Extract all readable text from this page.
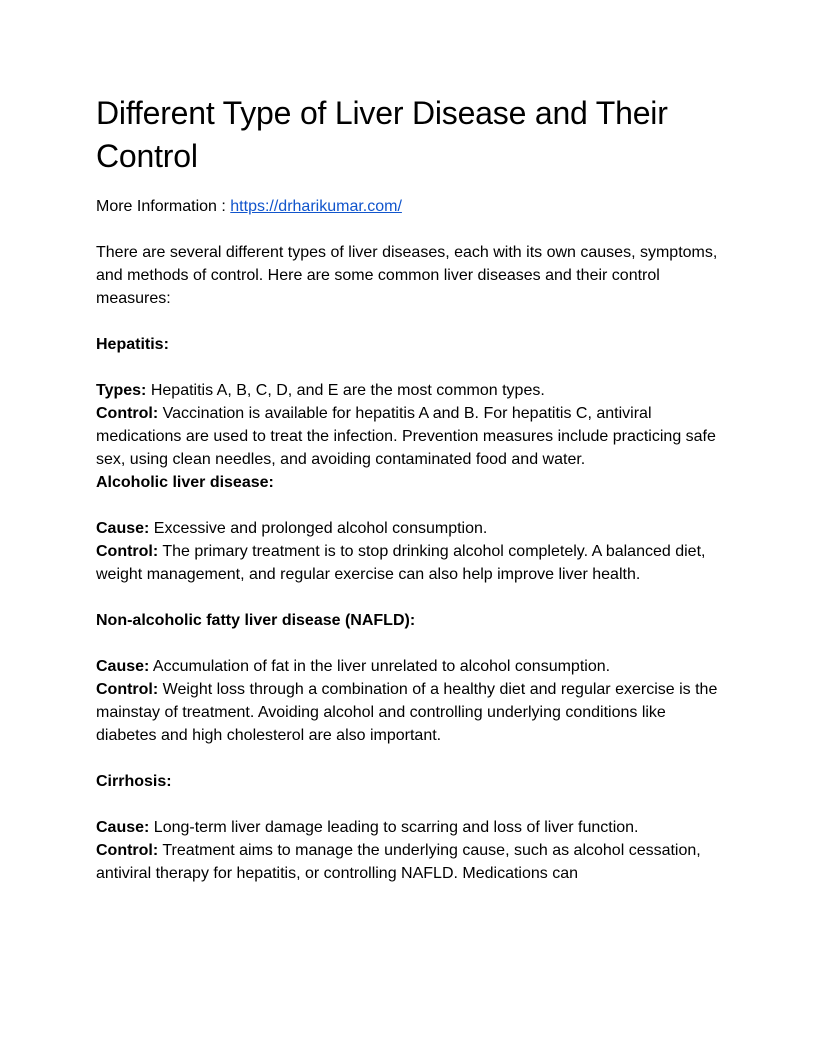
Different Type of Liver Disease and Their Control

More Information : https://drharikumar.com/

There are several different types of liver diseases, each with its own causes, symptoms, and methods of control. Here are some common liver diseases and their control measures:

Hepatitis:

Types: Hepatitis A, B, C, D, and E are the most common types.

Control: Vaccination is available for hepatitis A and B. For hepatitis C, antiviral medications are used to treat the infection. Prevention measures include practicing safe sex, using clean needles, and avoiding contaminated food and water.

Alcoholic liver disease:

Cause: Excessive and prolonged alcohol consumption.

Control: The primary treatment is to stop drinking alcohol completely. A balanced diet, weight management, and regular exercise can also help improve liver health.

Non-alcoholic fatty liver disease (NAFLD):

Cause: Accumulation of fat in the liver unrelated to alcohol consumption.

Control: Weight loss through a combination of a healthy diet and regular exercise is the mainstay of treatment. Avoiding alcohol and controlling underlying conditions like diabetes and high cholesterol are also important.

Cirrhosis:

Cause: Long-term liver damage leading to scarring and loss of liver function.

Control: Treatment aims to manage the underlying cause, such as alcohol cessation, antiviral therapy for hepatitis, or controlling NAFLD. Medications can
